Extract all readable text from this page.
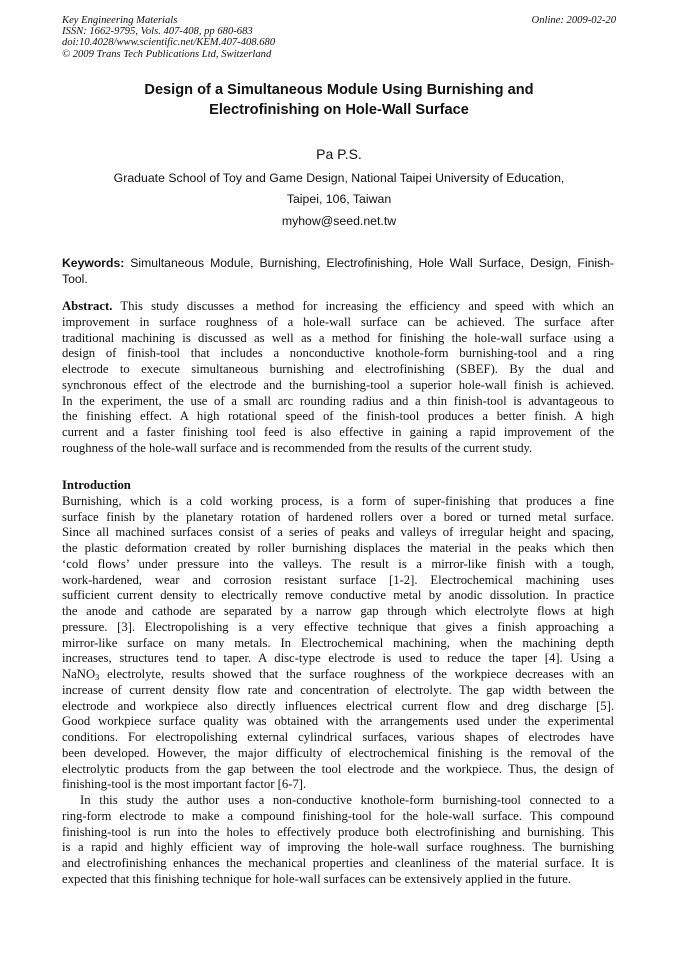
Key Engineering Materials
ISSN: 1662-9795, Vols. 407-408, pp 680-683
doi:10.4028/www.scientific.net/KEM.407-408.680
© 2009 Trans Tech Publications Ltd, Switzerland
Online: 2009-02-20
Design of a Simultaneous Module Using Burnishing and
Electrofinishing on Hole-Wall Surface
Pa P.S.
Graduate School of Toy and Game Design, National Taipei University of Education,
Taipei, 106, Taiwan
myhow@seed.net.tw
Keywords: Simultaneous Module, Burnishing, Electrofinishing, Hole Wall Surface, Design, Finish-Tool.
Abstract. This study discusses a method for increasing the efficiency and speed with which an
improvement in surface roughness of a hole-wall surface can be achieved. The surface after
traditional machining is discussed as well as a method for finishing the hole-wall surface using a
design of finish-tool that includes a nonconductive knothole-form burnishing-tool and a ring
electrode to execute simultaneous burnishing and electrofinishing (SBEF). By the dual and
synchronous effect of the electrode and the burnishing-tool a superior hole-wall finish is achieved.
In the experiment, the use of a small arc rounding radius and a thin finish-tool is advantageous to
the finishing effect. A high rotational speed of the finish-tool produces a better finish. A high
current and a faster finishing tool feed is also effective in gaining a rapid improvement of the
roughness of the hole-wall surface and is recommended from the results of the current study.
Introduction
Burnishing, which is a cold working process, is a form of super-finishing that produces a fine
surface finish by the planetary rotation of hardened rollers over a bored or turned metal surface.
Since all machined surfaces consist of a series of peaks and valleys of irregular height and spacing,
the plastic deformation created by roller burnishing displaces the material in the peaks which then
‘cold flows’ under pressure into the valleys. The result is a mirror-like finish with a tough,
work-hardened, wear and corrosion resistant surface [1-2]. Electrochemical machining uses
sufficient current density to electrically remove conductive metal by anodic dissolution. In practice
the anode and cathode are separated by a narrow gap through which electrolyte flows at high
pressure. [3]. Electropolishing is a very effective technique that gives a finish approaching a
mirror-like surface on many metals. In Electrochemical machining, when the machining depth
increases, structures tend to taper. A disc-type electrode is used to reduce the taper [4]. Using a
NaNO$_3$ electrolyte, results showed that the surface roughness of the workpiece decreases with an
increase of current density flow rate and concentration of electrolyte. The gap width between the
electrode and workpiece also directly influences electrical current flow and dreg discharge [5].
Good workpiece surface quality was obtained with the arrangements used under the experimental
conditions. For electropolishing external cylindrical surfaces, various shapes of electrodes have
been developed. However, the major difficulty of electrochemical finishing is the removal of the
electrolytic products from the gap between the tool electrode and the workpiece. Thus, the design of
finishing-tool is the most important factor [6-7].
In this study the author uses a non-conductive knothole-form burnishing-tool connected to a
ring-form electrode to make a compound finishing-tool for the hole-wall surface. This compound
finishing-tool is run into the holes to effectively produce both electrofinishing and burnishing. This
is a rapid and highly efficient way of improving the hole-wall surface roughness. The burnishing
and electrofinishing enhances the mechanical properties and cleanliness of the material surface. It is
expected that this finishing technique for hole-wall surfaces can be extensively applied in the future.
